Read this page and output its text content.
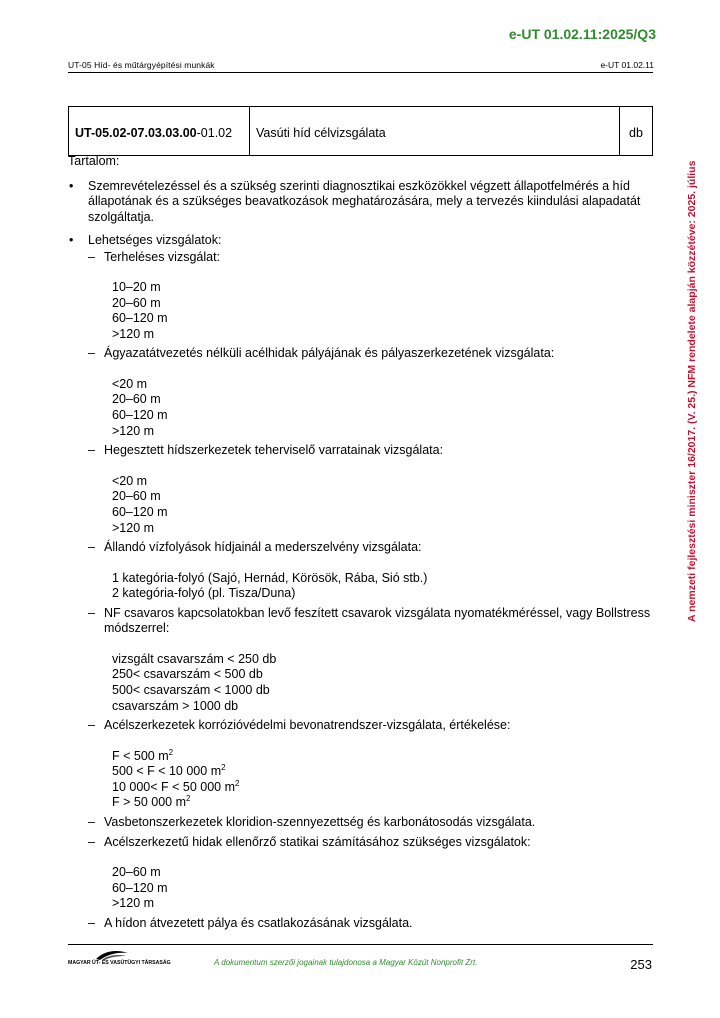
e-UT 01.02.11:2025/Q3
UT-05 Híd- és műtárgyépítési munkák	e-UT 01.02.11
A nemzeti fejlesztési miniszter 16/2017. (V. 25.) NFM rendelete alapján közzétéve: 2025. július
UT-05.02-07.03.03.00-01.02	Vasúti híd célvizsgálata	db

Tartalom:

• Szemrevételezéssel és a szükség szerinti diagnosztikai eszközökkel végzett állapotfelmérés a híd állapotának és a szükséges beavatkozások meghatározására, mely a tervezés kiindulási alapadatát szolgáltatja.
• Lehetséges vizsgálatok:
– Terheléses vizsgálat:
10–20 m
20–60 m
60–120 m
>120 m
– Ágyazatátvezetés nélküli acélhidak pályájának és pályaszerkezetének vizsgálata:
<20 m
20–60 m
60–120 m
>120 m
– Hegesztett hídszerkezetek teherviselő varratainak vizsgálata:
<20 m
20–60 m
60–120 m
>120 m
– Állandó vízfolyások hídjainál a mederszelvény vizsgálata:
1 kategória-folyó (Sajó, Hernád, Körösök, Rába, Sió stb.)
2 kategória-folyó (pl. Tisza/Duna)
– NF csavaros kapcsolatokban levő feszített csavarok vizsgálata nyomatékméréssel, vagy Bollstress módszerrel:
vizsgált csavarszám < 250 db
250< csavarszám < 500 db
500< csavarszám < 1000 db
csavarszám > 1000 db
– Acélszerkezetek korrózióvédelmi bevonatrendszer-vizsgálata, értékelése:
F < 500 $m^2$
500 < F < 10 000 $m^2$
10 000< F < 50 000 $m^2$
F > 50 000 $m^2$
– Vasbetonszerkezetek kloridion-szennyezettség és karbonátosodás vizsgálata.
– Acélszerkezetű hidak ellenőrző statikai számításához szükséges vizsgálatok:
20–60 m
60–120 m
>120 m
– A hídon átvezetett pálya és csatlakozásának vizsgálata.
MAGYAR ÚT- ÉS VASÚTÜGYI TÁRSASÁG	A dokumentum szerzői jogainak tulajdonosa a Magyar Közút Nonprofit Zrt.	253
